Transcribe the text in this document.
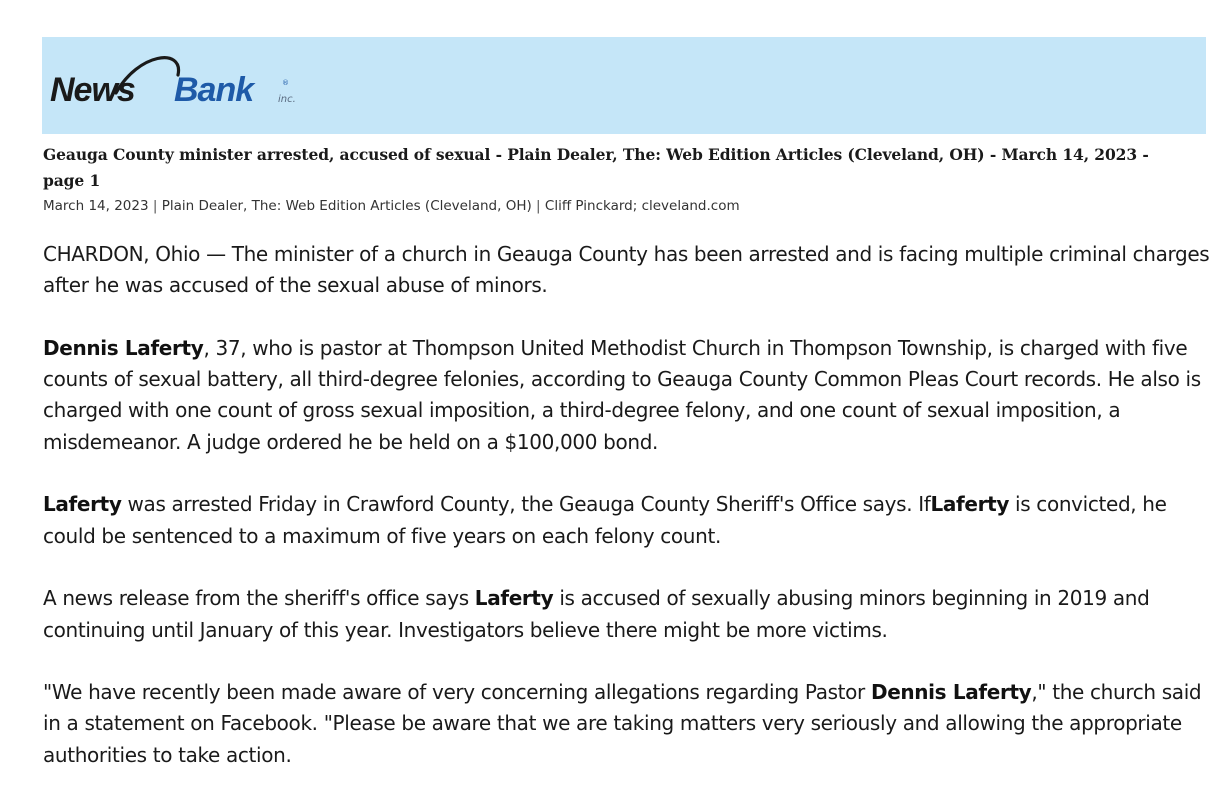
News Bank	®
inc.
Geauga County minister arrested, accused of sexual - Plain Dealer, The: Web Edition Articles (Cleveland, OH) - March 14, 2023 - page 1
March 14, 2023 | Plain Dealer, The: Web Edition Articles (Cleveland, OH) | Cliff Pinckard; cleveland.com

CHARDON, Ohio — The minister of a church in Geauga County has been arrested and is facing multiple criminal charges after he was accused of the sexual abuse of minors.

Dennis Laferty, 37, who is pastor at Thompson United Methodist Church in Thompson Township, is charged with five counts of sexual battery, all third-degree felonies, according to Geauga County Common Pleas Court records. He also is charged with one count of gross sexual imposition, a third-degree felony, and one count of sexual imposition, a misdemeanor. A judge ordered he be held on a $100,000 bond.

Laferty was arrested Friday in Crawford County, the Geauga County Sheriff's Office says. IfLaferty is convicted, he could be sentenced to a maximum of five years on each felony count.

A news release from the sheriff's office says Laferty is accused of sexually abusing minors beginning in 2019 and continuing until January of this year. Investigators believe there might be more victims.

"We have recently been made aware of very concerning allegations regarding Pastor Dennis Laferty," the church said in a statement on Facebook. "Please be aware that we are taking matters very seriously and allowing the appropriate authorities to take action.
